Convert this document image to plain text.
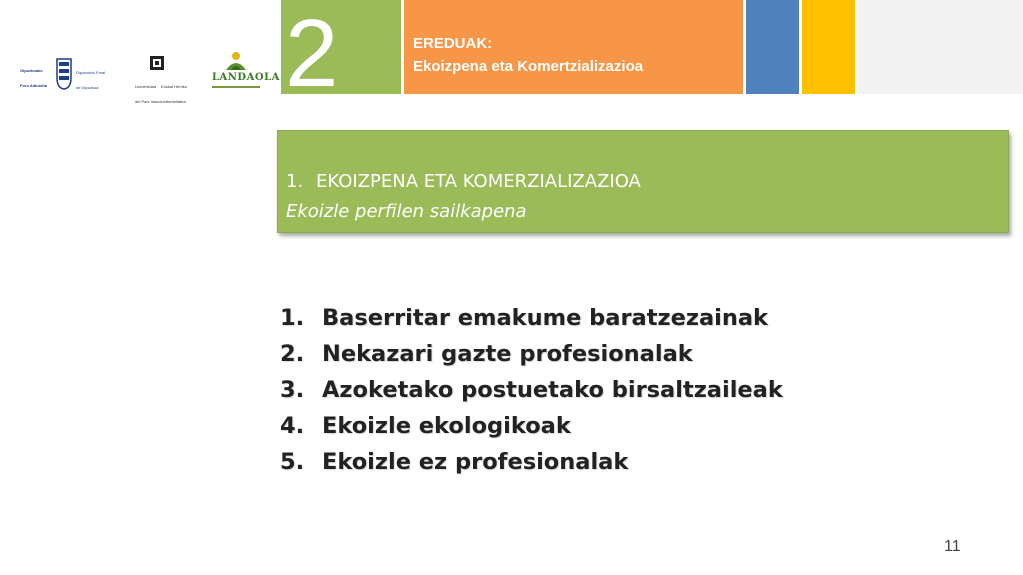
Gipuzkoako

Foru Aldundia

Diputación Foral

de Gipuzkoa

	Universidad

del País Vasco

Euskal Herriko

Unibertsitatea

LANDAOLA 2	EREDUAK:
Ekoizpena eta Komertzializazioa
1. EKOIZPENA ETA KOMERZIALIZAZIOA
Ekoizle perfilen sailkapena
1. Baserritar emakume baratzezainak
2. Nekazari gazte profesionalak
3. Azoketako postuetako birsaltzaileak
4. Ekoizle ekologikoak
5. Ekoizle ez profesionalak
11
